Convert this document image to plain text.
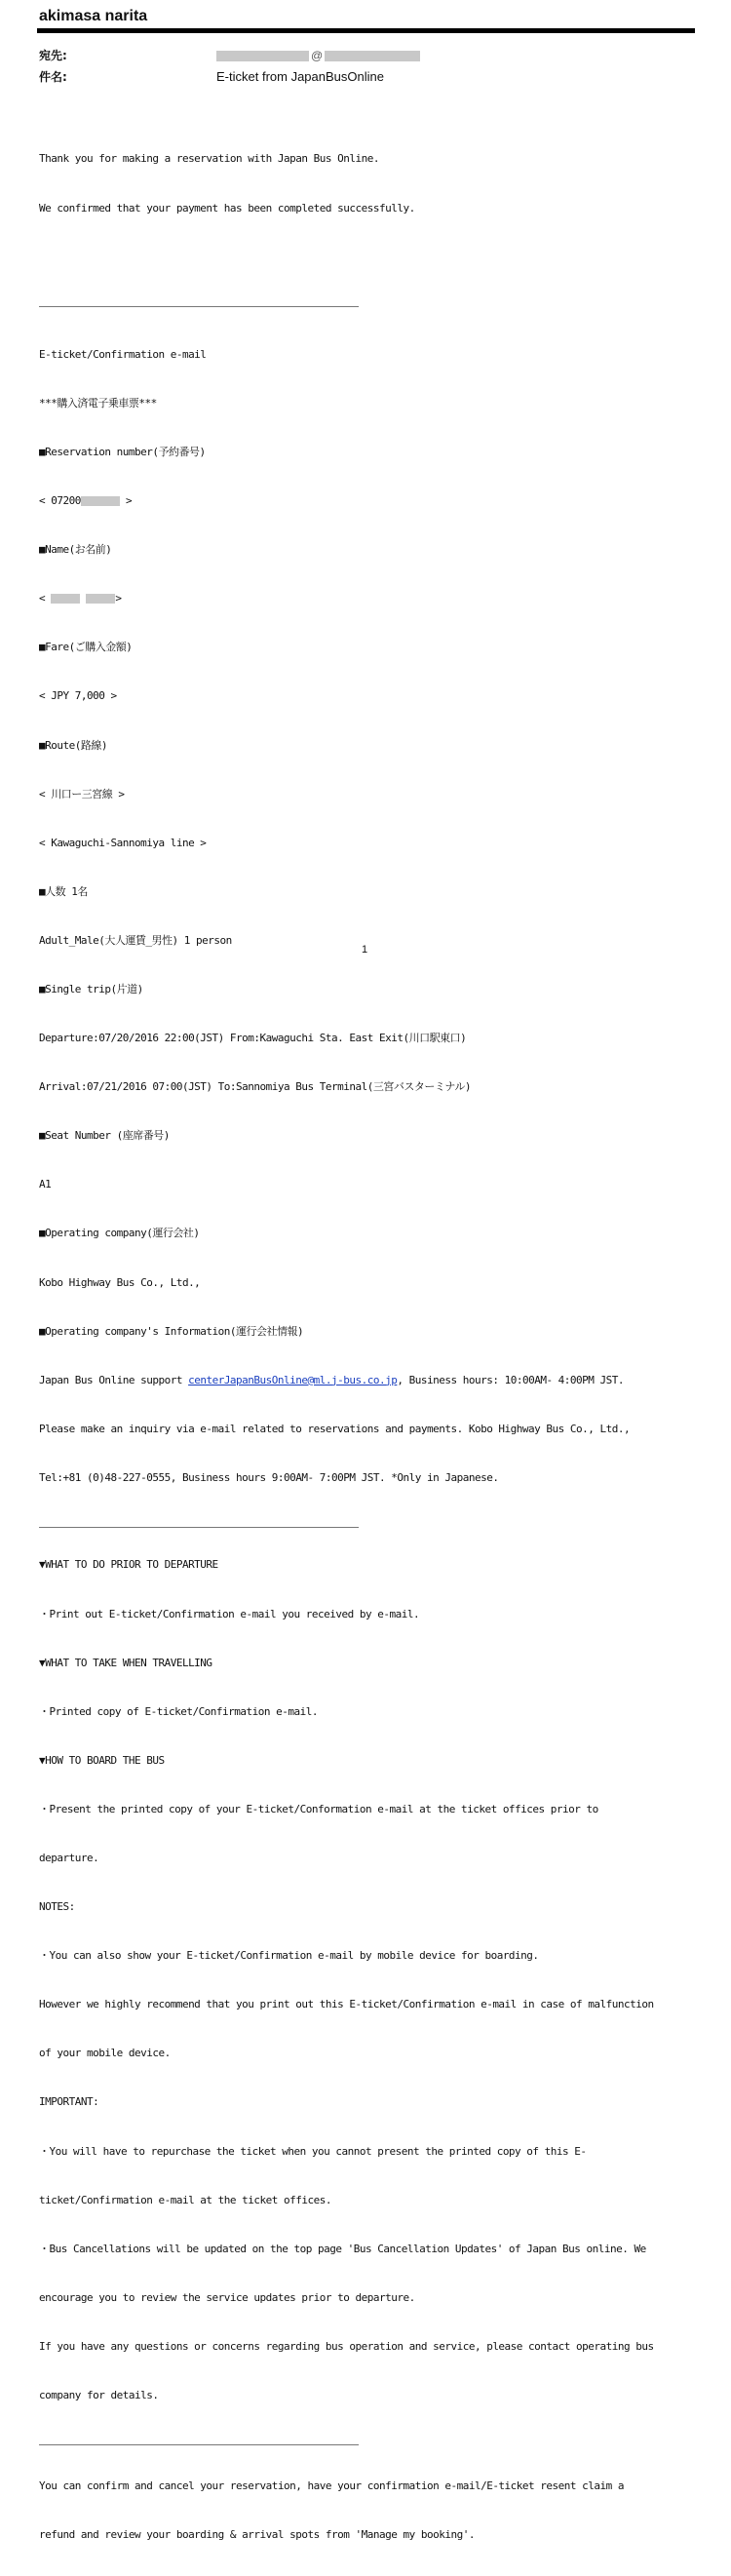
akimasa narita
宛先:	@
件名:	E-ticket from JapanBusOnline

Thank you for making a reservation with Japan Bus Online.

We confirmed that your payment has been completed successfully.

E-ticket/Confirmation e-mail

***購入済電子乗車票***

■Reservation number(予約番号)

< 07200	>

■Name(お名前)

<	>

■Fare(ご購入金額)

< JPY 7,000 >

■Route(路線)

< 川口ー三宮線 >

< Kawaguchi-Sannomiya line >

■人数 1名

Adult_Male(大人運賃_男性) 1 person

■Single trip(片道)

Departure:07/20/2016 22:00(JST) From:Kawaguchi Sta. East Exit(川口駅東口)

Arrival:07/21/2016 07:00(JST) To:Sannomiya Bus Terminal(三宮バスターミナル)

■Seat Number (座席番号)

A1

■Operating company(運行会社)

Kobo Highway Bus Co., Ltd.,

■Operating company's Information(運行会社情報)

Japan Bus Online support centerJapanBusOnline@ml.j-bus.co.jp, Business hours: 10:00AM- 4:00PM JST.

Please make an inquiry via e-mail related to reservations and payments. Kobo Highway Bus Co., Ltd.,

Tel:+81 (0)48-227-0555, Business hours 9:00AM- 7:00PM JST. *Only in Japanese.

▼WHAT TO DO PRIOR TO DEPARTURE

・Print out E-ticket/Confirmation e-mail you received by e-mail.

▼WHAT TO TAKE WHEN TRAVELLING

・Printed copy of E-ticket/Confirmation e-mail.

▼HOW TO BOARD THE BUS

・Present the printed copy of your E-ticket/Conformation e-mail at the ticket offices prior to

departure.

NOTES:

・You can also show your E-ticket/Confirmation e-mail by mobile device for boarding.

However we highly recommend that you print out this E-ticket/Confirmation e-mail in case of malfunction

of your mobile device.

IMPORTANT:

・You will have to repurchase the ticket when you cannot present the printed copy of this E-

ticket/Confirmation e-mail at the ticket offices.

・Bus Cancellations will be updated on the top page 'Bus Cancellation Updates' of Japan Bus online. We

encourage you to review the service updates prior to departure.

If you have any questions or concerns regarding bus operation and service, please contact operating bus

company for details.

You can confirm and cancel your reservation, have your confirmation e-mail/E-ticket resent claim a

refund and review your boarding & arrival spots from 'Manage my booking'.

1
